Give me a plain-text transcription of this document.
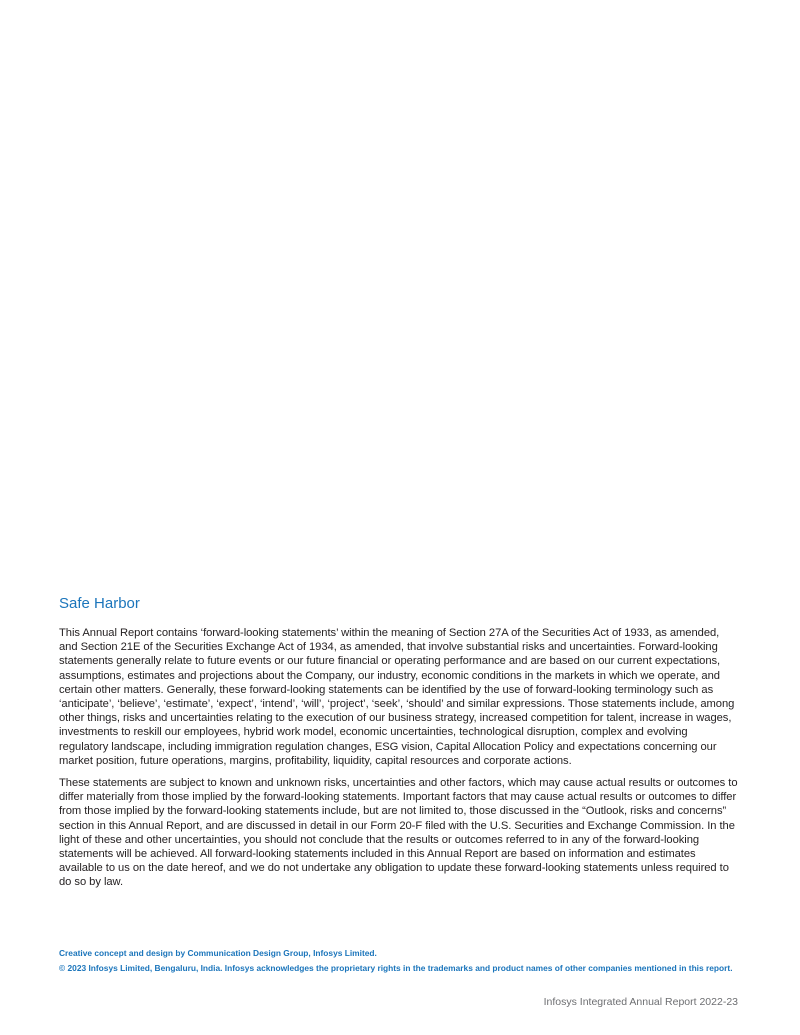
Safe Harbor

This Annual Report contains ‘forward-looking statements’ within the meaning of Section 27A of the Securities Act of 1933, as amended, and Section 21E of the Securities Exchange Act of 1934, as amended, that involve substantial risks and uncertainties. Forward-looking statements generally relate to future events or our future financial or operating performance and are based on our current expectations, assumptions, estimates and projections about the Company, our industry, economic conditions in the markets in which we operate, and certain other matters. Generally, these forward-looking statements can be identified by the use of forward-looking terminology such as ‘anticipate’, ‘believe’, ‘estimate’, ‘expect’, ‘intend’, ‘will’, ‘project’, ‘seek’, ‘should’ and similar expressions. Those statements include, among other things, risks and uncertainties relating to the execution of our business strategy, increased competition for talent, increase in wages, investments to reskill our employees, hybrid work model, economic uncertainties, technological disruption, complex and evolving regulatory landscape, including immigration regulation changes, ESG vision, Capital Allocation Policy and expectations concerning our market position, future operations, margins, profitability, liquidity, capital resources and corporate actions.

These statements are subject to known and unknown risks, uncertainties and other factors, which may cause actual results or outcomes to differ materially from those implied by the forward-looking statements. Important factors that may cause actual results or outcomes to differ from those implied by the forward-looking statements include, but are not limited to, those discussed in the “Outlook, risks and concerns” section in this Annual Report, and are discussed in detail in our Form 20-F filed with the U.S. Securities and Exchange Commission. In the light of these and other uncertainties, you should not conclude that the results or outcomes referred to in any of the forward-looking statements will be achieved. All forward-looking statements included in this Annual Report are based on information and estimates available to us on the date hereof, and we do not undertake any obligation to update these forward-looking statements unless required to do so by law.

Creative concept and design by Communication Design Group, Infosys Limited.

© 2023 Infosys Limited, Bengaluru, India. Infosys acknowledges the proprietary rights in the trademarks and product names of other companies mentioned in this report.

Infosys Integrated Annual Report 2022-23
